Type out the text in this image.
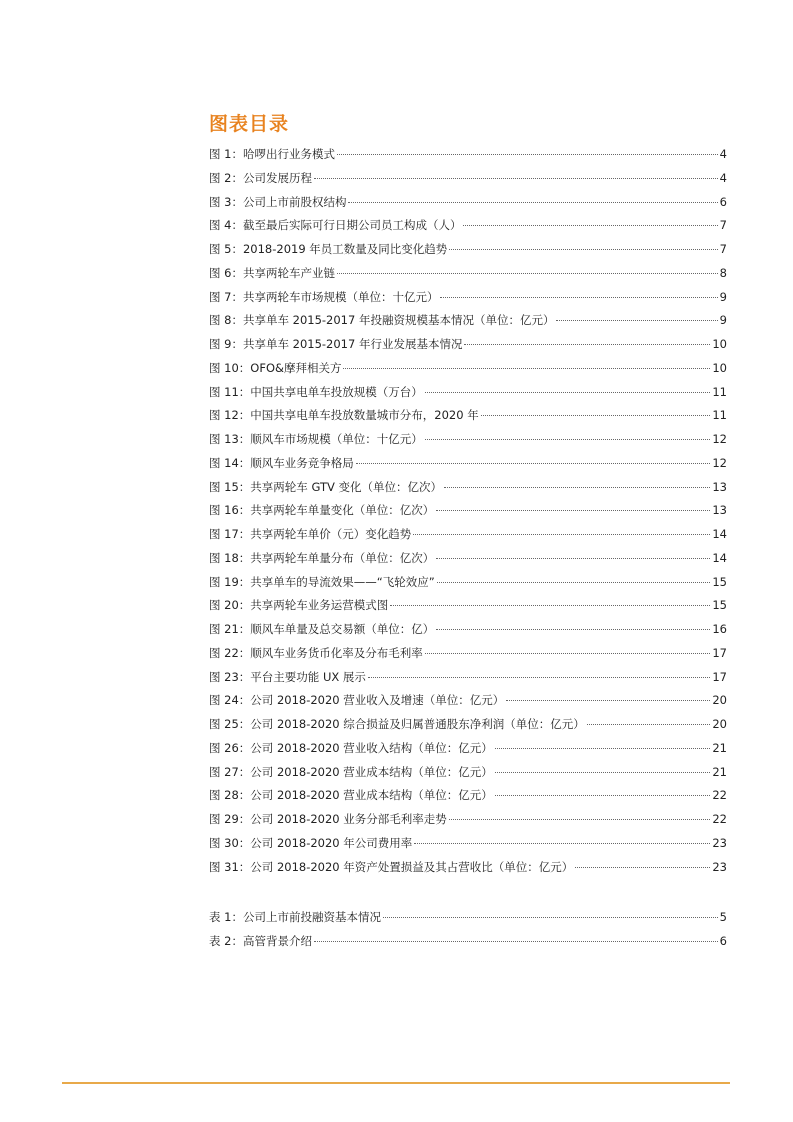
图表目录
图 1：哈啰出行业务模式	4
图 2：公司发展历程	4
图 3：公司上市前股权结构	6
图 4：截至最后实际可行日期公司员工构成（人）	7
图 5：2018-2019 年员工数量及同比变化趋势	7
图 6：共享两轮车产业链	8
图 7：共享两轮车市场规模（单位：十亿元）	9
图 8：共享单车 2015-2017 年投融资规模基本情况（单位：亿元）	9
图 9：共享单车 2015-2017 年行业发展基本情况	10
图 10：OFO&摩拜相关方	10
图 11：中国共享电单车投放规模（万台）	11
图 12：中国共享电单车投放数量城市分布，2020 年	11
图 13：顺风车市场规模（单位：十亿元）	12
图 14：顺风车业务竞争格局	12
图 15：共享两轮车 GTV 变化（单位：亿次）	13
图 16：共享两轮车单量变化（单位：亿次）	13
图 17：共享两轮车单价（元）变化趋势	14
图 18：共享两轮车单量分布（单位：亿次）	14
图 19：共享单车的导流效果——“飞轮效应”	15
图 20：共享两轮车业务运营模式图	15
图 21：顺风车单量及总交易额（单位：亿）	16
图 22：顺风车业务货币化率及分布毛利率	17
图 23：平台主要功能 UX 展示	17
图 24：公司 2018-2020 营业收入及增速（单位：亿元）	20
图 25：公司 2018-2020 综合损益及归属普通股东净利润（单位：亿元）	20
图 26：公司 2018-2020 营业收入结构（单位：亿元）	21
图 27：公司 2018-2020 营业成本结构（单位：亿元）	21
图 28：公司 2018-2020 营业成本结构（单位：亿元）	22
图 29：公司 2018-2020 业务分部毛利率走势	22
图 30：公司 2018-2020 年公司费用率	23
图 31：公司 2018-2020 年资产处置损益及其占营收比（单位：亿元）	23
表 1：公司上市前投融资基本情况	5
表 2：高管背景介绍	6
